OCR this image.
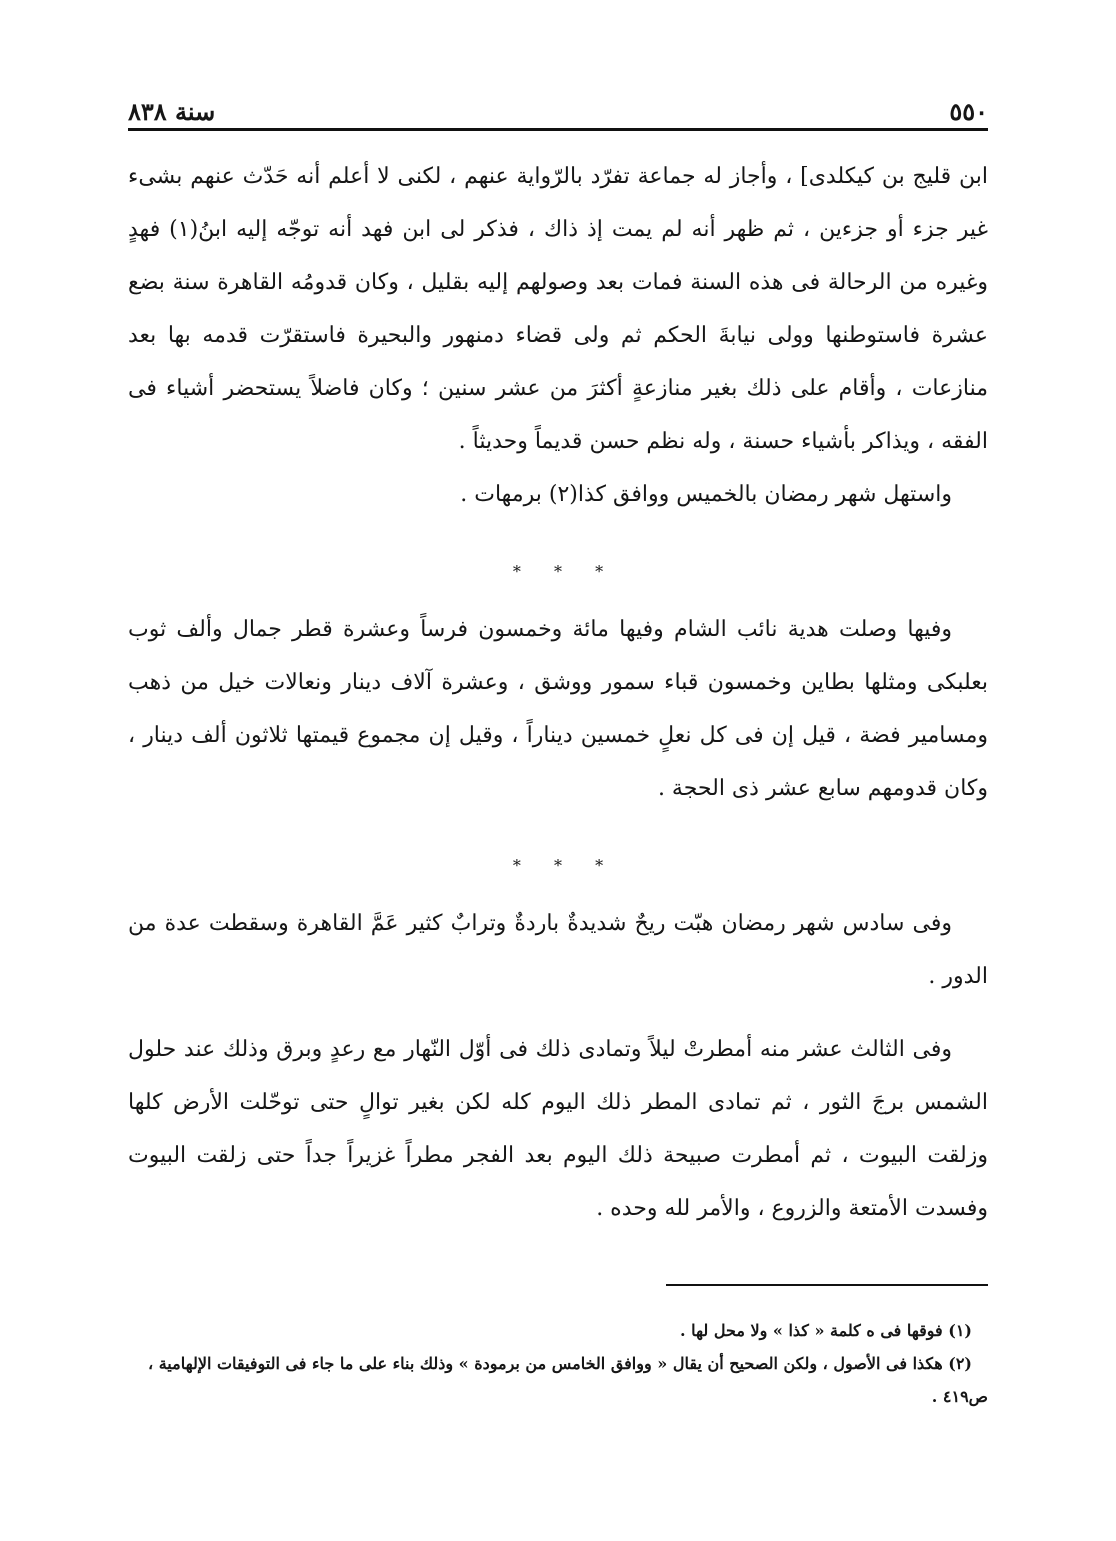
٥٥٠
سنة ٨٣٨

ابن قليج بن كيكلدى] ، وأجاز له جماعة تفرّد بالرّواية عنهم ، لكنى لا أعلم أنه حَدّث عنهم بشىء غير جزء أو جزءين ، ثم ظهر أنه لم يمت إذ ذاك ، فذكر لى ابن فهد أنه توجّه إليه ابنُ(١) فهدٍ وغيره من الرحالة فى هذه السنة فمات بعد وصولهم إليه بقليل ، وكان قدومُه القاهرة سنة بضع عشرة فاستوطنها وولى نيابةَ الحكم ثم ولى قضاء دمنهور والبحيرة فاستقرّت قدمه بها بعد منازعات ، وأقام على ذلك بغير منازعةٍ أكثرَ من عشر سنين ؛ وكان فاضلاً يستحضر أشياء فى الفقه ، ويذاكر بأشياء حسنة ، وله نظم حسن قديماً وحديثاً .

واستهل شهر رمضان بالخميس ووافق كذا(٢) برمهات .

* * *

وفيها وصلت هدية نائب الشام وفيها مائة وخمسون فرساً وعشرة قطر جمال وألف ثوب بعلبكى ومثلها بطاين وخمسون قباء سمور ووشق ، وعشرة آلاف دينار ونعالات خيل من ذهب ومسامير فضة ، قيل إن فى كل نعلٍ خمسين ديناراً ، وقيل إن مجموع قيمتها ثلاثون ألف دينار ، وكان قدومهم سابع عشر ذى الحجة .

* * *

وفى سادس شهر رمضان هبّت ريحٌ شديدةٌ باردةٌ وترابٌ كثير عَمَّ القاهرة وسقطت عدة من الدور .

وفى الثالث عشر منه أمطرتْ ليلاً وتمادى ذلك فى أوّل النّهار مع رعدٍ وبرق وذلك عند حلول الشمس برجَ الثور ، ثم تمادى المطر ذلك اليوم كله لكن بغير توالٍ حتى توحّلت الأرض كلها وزلقت البيوت ، ثم أمطرت صبيحة ذلك اليوم بعد الفجر مطراً غزيراً جداً حتى زلقت البيوت وفسدت الأمتعة والزروع ، والأمر لله وحده .

(١) فوقها فى ه كلمة « كذا » ولا محل لها .

(٢) هكذا فى الأصول ، ولكن الصحيح أن يقال « ووافق الخامس من برمودة » وذلك بناء على ما جاء فى التوفيقات الإلهامية ، ص٤١٩ .
